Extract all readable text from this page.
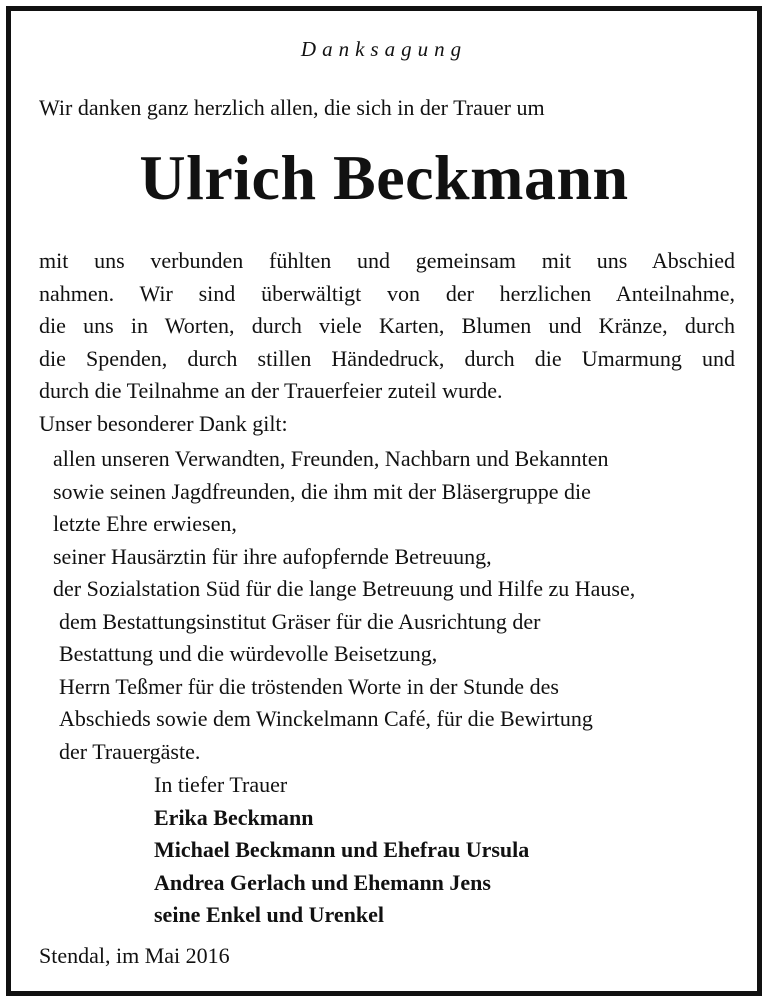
Danksagung
Wir danken ganz herzlich allen, die sich in der Trauer um
Ulrich Beckmann
mit uns verbunden fühlten und gemeinsam mit uns Abschied
nahmen. Wir sind überwältigt von der herzlichen Anteilnahme,
die uns in Worten, durch viele Karten, Blumen und Kränze, durch
die Spenden, durch stillen Händedruck, durch die Umarmung und
durch die Teilnahme an der Trauerfeier zuteil wurde.
Unser besonderer Dank gilt:
allen unseren Verwandten, Freunden, Nachbarn und Bekannten
sowie seinen Jagdfreunden, die ihm mit der Bläsergruppe die
letzte Ehre erwiesen,
seiner Hausärztin für ihre aufopfernde Betreuung,
der Sozialstation Süd für die lange Betreuung und Hilfe zu Hause,
dem Bestattungsinstitut Gräser für die Ausrichtung der
Bestattung und die würdevolle Beisetzung,
Herrn Teßmer für die tröstenden Worte in der Stunde des
Abschieds sowie dem Winckelmann Café, für die Bewirtung
der Trauergäste.
In tiefer Trauer
Erika Beckmann
Michael Beckmann und Ehefrau Ursula
Andrea Gerlach und Ehemann Jens
seine Enkel und Urenkel
Stendal, im Mai 2016
